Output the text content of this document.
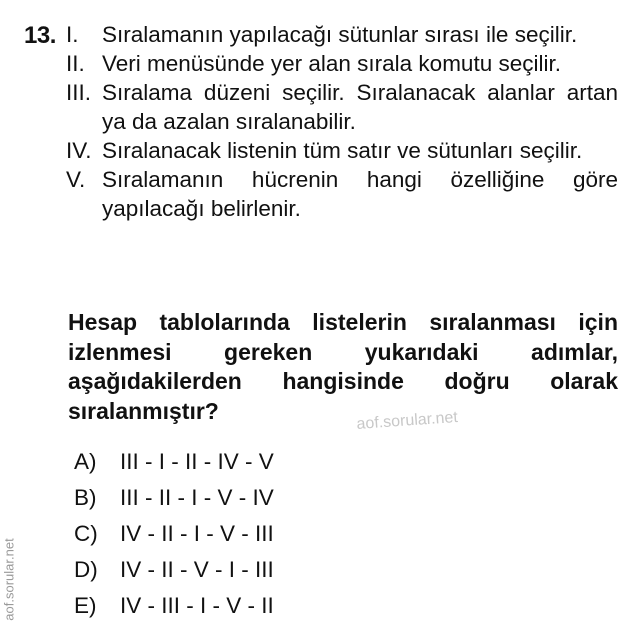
13. I. Sıralamanın yapılacağı sütunlar sırası ile seçilir.
II. Veri menüsünde yer alan sırala komutu seçilir.
III. Sıralama düzeni seçilir. Sıralanacak alanlar artan ya da azalan sıralanabilir.
IV. Sıralanacak listenin tüm satır ve sütunları seçilir.
V. Sıralamanın hücrenin hangi özelliğine göre yapılacağı belirlenir.
Hesap tablolarında listelerin sıralanması için izlenmesi gereken yukarıdaki adımlar, aşağıdakilerden hangisinde doğru olarak sıralanmıştır?	aof.sorular.net
A)	III - I - II - IV - V
B)	III - II - I - V - IV
C) IV - II - I - V - III
D) IV - II - V - I - III
E)	IV - III - I - V - II
aof.sorular.net
